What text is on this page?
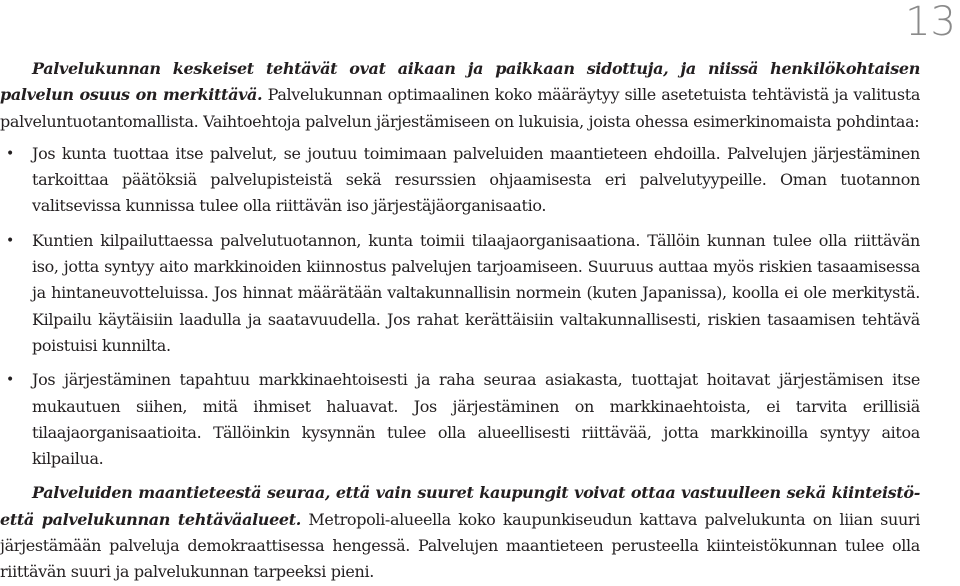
13

Palvelukunnan keskeiset tehtävät ovat aikaan ja paikkaan sidottuja, ja niissä henkilökohtaisen palvelun osuus on merkittävä. Palvelukunnan optimaalinen koko määräytyy sille asetetuista tehtävistä ja valitusta palveluntuotantomallista. Vaihtoehtoja palvelun järjestämiseen on lukuisia, joista ohessa esimerkinomaista pohdintaa:

• Jos kunta tuottaa itse palvelut, se joutuu toimimaan palveluiden maantieteen ehdoilla. Palvelujen järjestäminen tarkoittaa päätöksiä palvelupisteistä sekä resurssien ohjaamisesta eri palvelutyypeille. Oman tuotannon valitsevissa kunnissa tulee olla riittävän iso järjestäjäorganisaatio.
• Kuntien kilpailuttaessa palvelutuotannon, kunta toimii tilaajaorganisaationa. Tällöin kunnan tulee olla riittävän iso, jotta syntyy aito markkinoiden kiinnostus palvelujen tarjoamiseen. Suuruus auttaa myös riskien tasaamisessa ja hintaneuvotteluissa. Jos hinnat määrätään valtakunnallisin normein (kuten Japanissa), koolla ei ole merkitystä. Kilpailu käytäisiin laadulla ja saatavuudella. Jos rahat kerättäisiin valtakunnallisesti, riskien tasaamisen tehtävä poistuisi kunnilta.
• Jos järjestäminen tapahtuu markkinaehtoisesti ja raha seuraa asiakasta, tuottajat hoitavat järjestämisen itse mukautuen siihen, mitä ihmiset haluavat. Jos järjestäminen on markkinaehtoista, ei tarvita erillisiä tilaajaorganisaatioita. Tällöinkin kysynnän tulee olla alueellisesti riittävää, jotta markkinoilla syntyy aitoa kilpailua.

Palveluiden maantieteestä seuraa, että vain suuret kaupungit voivat ottaa vastuulleen sekä kiinteistö- että palvelukunnan tehtäväalueet. Metropoli-alueella koko kaupunkiseudun kattava palvelukunta on liian suuri järjestämään palveluja demokraattisessa hengessä. Palvelujen maantieteen perusteella kiinteistökunnan tulee olla riittävän suuri ja palvelukunnan tarpeeksi pieni.
